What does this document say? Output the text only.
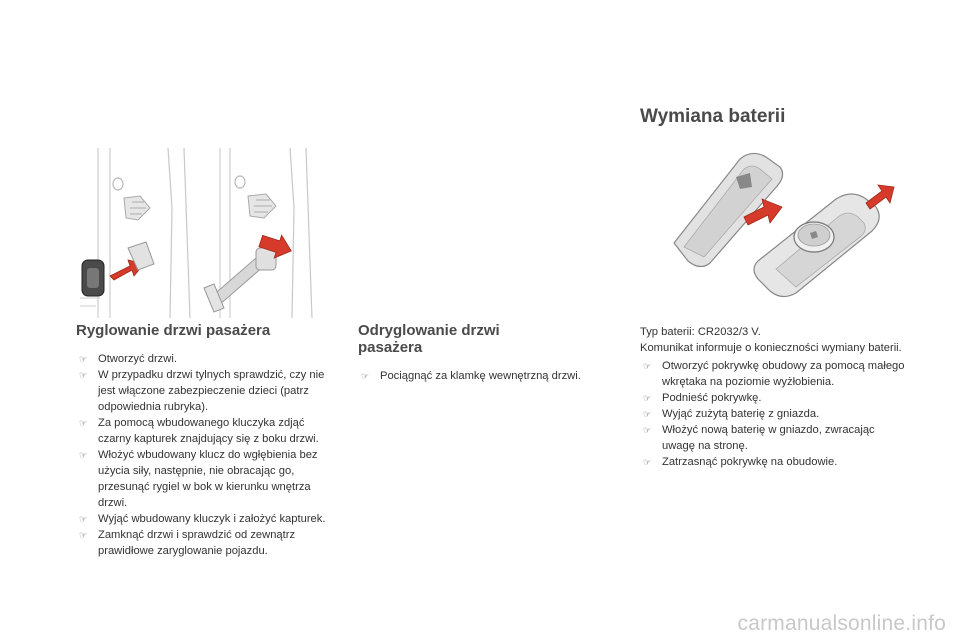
Wymiana baterii
Ryglowanie drzwi pasażera
☞ Otworzyć drzwi.
☞ W przypadku drzwi tylnych sprawdzić, czy nie jest włączone zabezpieczenie dzieci (patrz odpowiednia rubryka).
☞ Za pomocą wbudowanego kluczyka zdjąć czarny kapturek znajdujący się z boku drzwi.
☞ Włożyć wbudowany klucz do wgłębienia bez użycia siły, następnie, nie obracając go, przesunąć rygiel w bok w kierunku wnętrza drzwi.
☞ Wyjąć wbudowany kluczyk i założyć kapturek.
☞ Zamknąć drzwi i sprawdzić od zewnątrz prawidłowe zaryglowanie pojazdu.
Odryglowanie drzwi
pasażera
☞ Pociągnąć za klamkę wewnętrzną drzwi.

Typ baterii: CR2032/3 V.

Komunikat informuje o konieczności wymiany baterii.

☞ Otworzyć pokrywkę obudowy za pomocą małego wkrętaka na poziomie wyżłobienia.
☞ Podnieść pokrywkę.
☞ Wyjąć zużytą baterię z gniazda.
☞ Włożyć nową baterię w gniazdo, zwracając uwagę na stronę.
☞ Zatrzasnąć pokrywkę na obudowie.
carmanualsonline.info
